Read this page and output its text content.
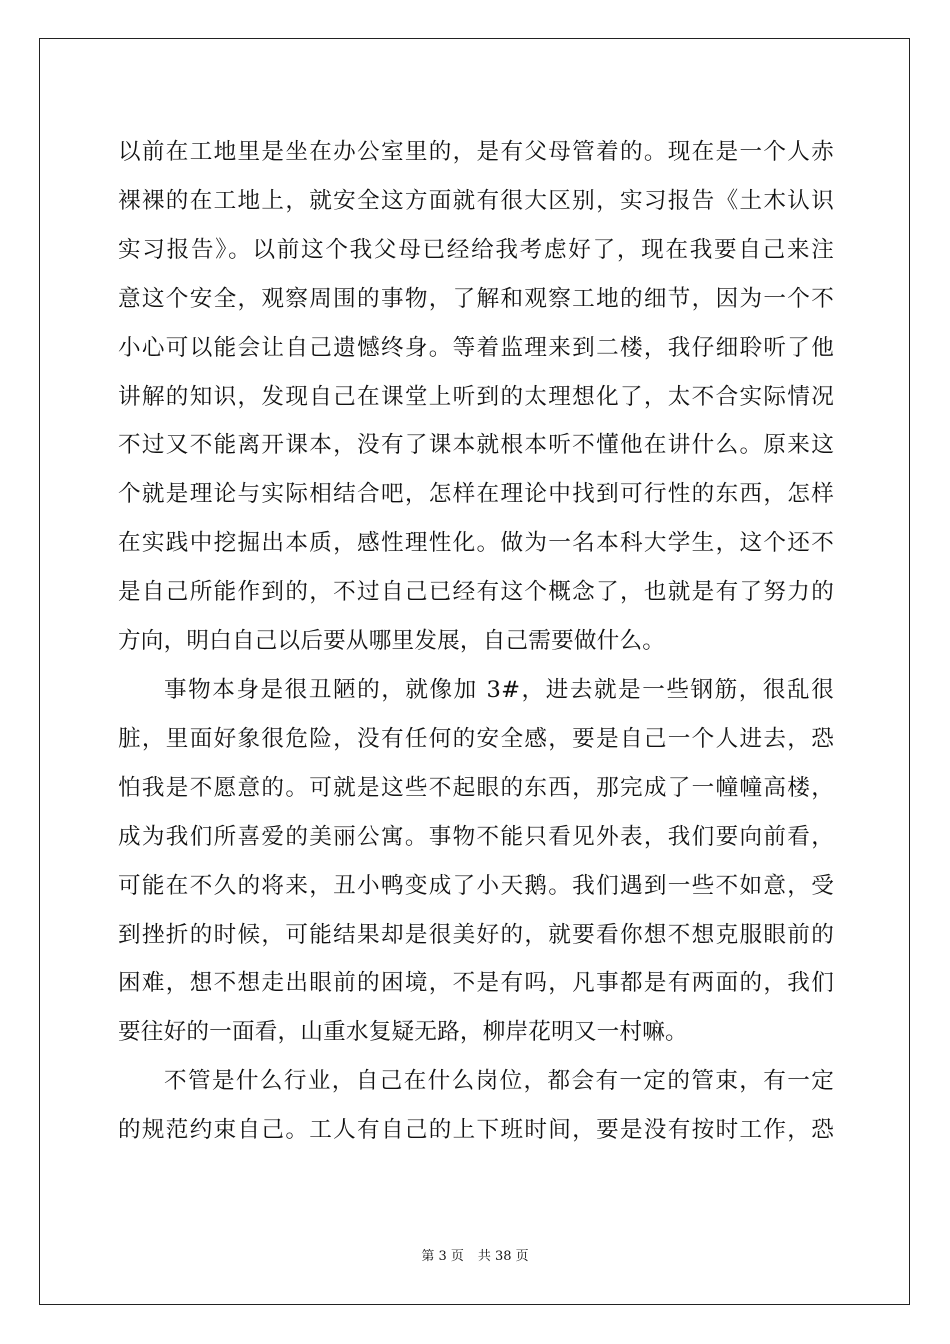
以前在工地里是坐在办公室里的，是有父母管着的。现在是一个人赤
裸裸的在工地上，就安全这方面就有很大区别，实习报告《土木认识
实习报告》。以前这个我父母已经给我考虑好了，现在我要自己来注
意这个安全，观察周围的事物，了解和观察工地的细节，因为一个不
小心可以能会让自己遗憾终身。等着监理来到二楼，我仔细聆听了他
讲解的知识，发现自己在课堂上听到的太理想化了，太不合实际情况
不过又不能离开课本，没有了课本就根本听不懂他在讲什么。原来这
个就是理论与实际相结合吧，怎样在理论中找到可行性的东西，怎样
在实践中挖掘出本质，感性理性化。做为一名本科大学生，这个还不
是自己所能作到的，不过自己已经有这个概念了，也就是有了努力的
方向，明白自己以后要从哪里发展，自己需要做什么。
事物本身是很丑陋的，就像加 3#，进去就是一些钢筋，很乱很
脏，里面好象很危险，没有任何的安全感，要是自己一个人进去，恐
怕我是不愿意的。可就是这些不起眼的东西，那完成了一幢幢高楼，
成为我们所喜爱的美丽公寓。事物不能只看见外表，我们要向前看，
可能在不久的将来，丑小鸭变成了小天鹅。我们遇到一些不如意，受
到挫折的时候，可能结果却是很美好的，就要看你想不想克服眼前的
困难，想不想走出眼前的困境，不是有吗，凡事都是有两面的，我们
要往好的一面看，山重水复疑无路，柳岸花明又一村嘛。
不管是什么行业，自己在什么岗位，都会有一定的管束，有一定
的规范约束自己。工人有自己的上下班时间，要是没有按时工作，恐
第 3 页 共 38 页
